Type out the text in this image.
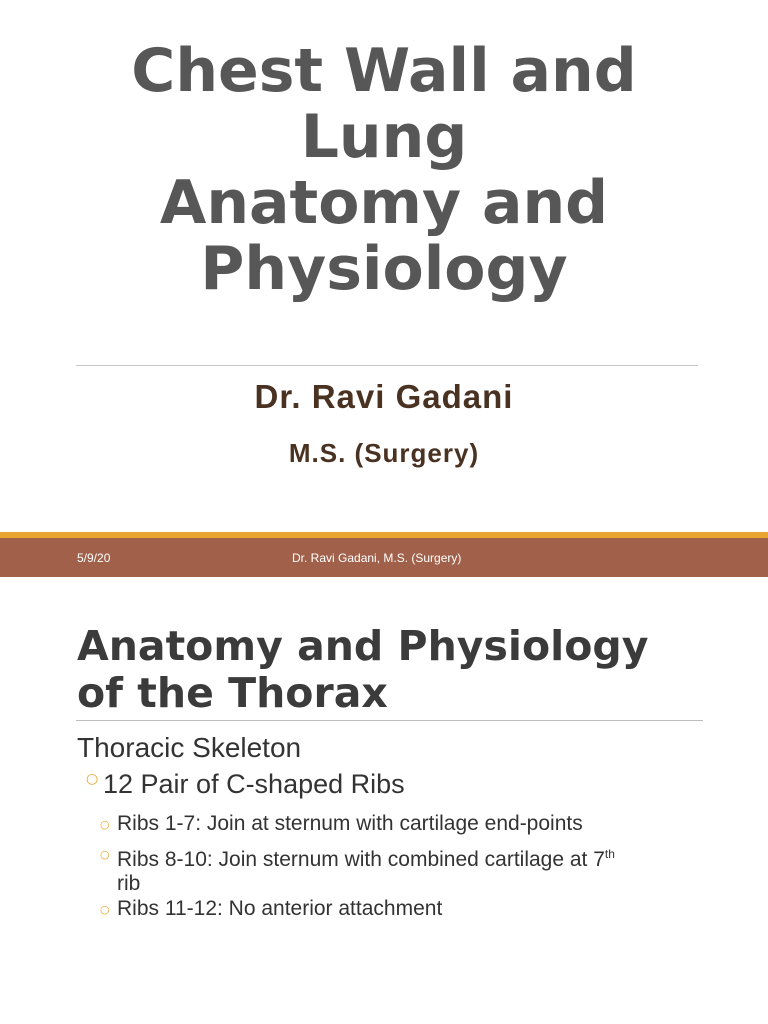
Chest Wall and
Lung
Anatomy and
Physiology
Dr. Ravi Gadani
M.S. (Surgery)
5/9/20	Dr. Ravi Gadani, M.S. (Surgery)
Anatomy and Physiology
of the Thorax
Thoracic Skeleton
○ 12 Pair of C-shaped Ribs
○ Ribs 1-7: Join at sternum with cartilage end-points
○ Ribs 8-10: Join sternum with combined cartilage at 7th
rib
○ Ribs 11-12: No anterior attachment
